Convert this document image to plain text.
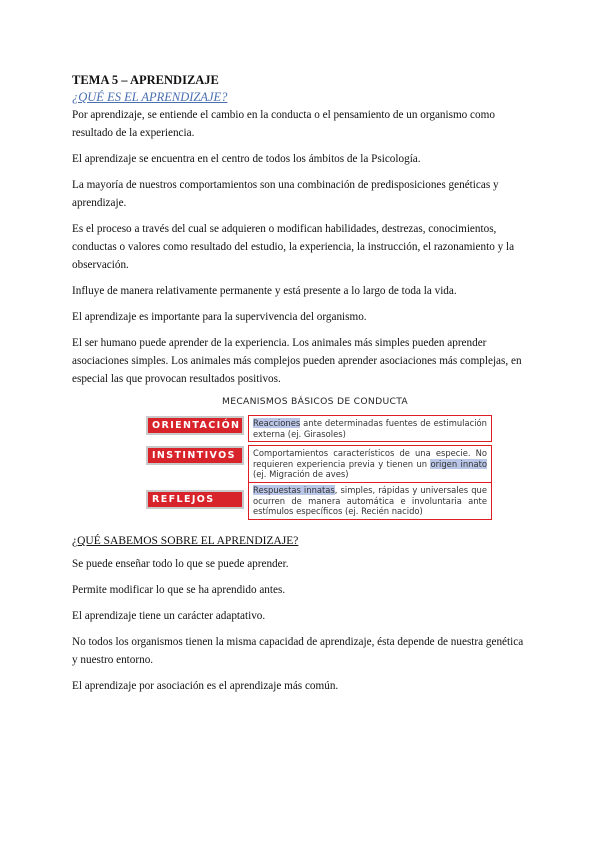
TEMA 5 – APRENDIZAJE

¿QUÉ ES EL APRENDIZAJE?

Por aprendizaje, se entiende el cambio en la conducta o el pensamiento de un organismo como resultado de la experiencia.

El aprendizaje se encuentra en el centro de todos los ámbitos de la Psicología.

La mayoría de nuestros comportamientos son una combinación de predisposiciones genéticas y aprendizaje.

Es el proceso a través del cual se adquieren o modifican habilidades, destrezas, conocimientos, conductas o valores como resultado del estudio, la experiencia, la instrucción, el razonamiento y la observación.

Influye de manera relativamente permanente y está presente a lo largo de toda la vida.

El aprendizaje es importante para la supervivencia del organismo.

El ser humano puede aprender de la experiencia. Los animales más simples pueden aprender asociaciones simples. Los animales más complejos pueden aprender asociaciones más complejas, en especial las que provocan resultados positivos.

MECANISMOS BÁSICOS DE CONDUCTA
ORIENTACIÓN	Reacciones ante determinadas fuentes de estimulación externa (ej. Girasoles)
INSTINTIVOS	Comportamientos característicos de una especie. No requieren experiencia previa y tienen un origen innato (ej. Migración de aves)
REFLEJOS
Respuestas innatas, simples, rápidas y universales que ocurren de manera automática e involuntaria ante estímulos específicos (ej. Recién nacido)

¿QUÉ SABEMOS SOBRE EL APRENDIZAJE?

Se puede enseñar todo lo que se puede aprender.

Permite modificar lo que se ha aprendido antes.

El aprendizaje tiene un carácter adaptativo.

No todos los organismos tienen la misma capacidad de aprendizaje, ésta depende de nuestra genética y nuestro entorno.

El aprendizaje por asociación es el aprendizaje más común.
